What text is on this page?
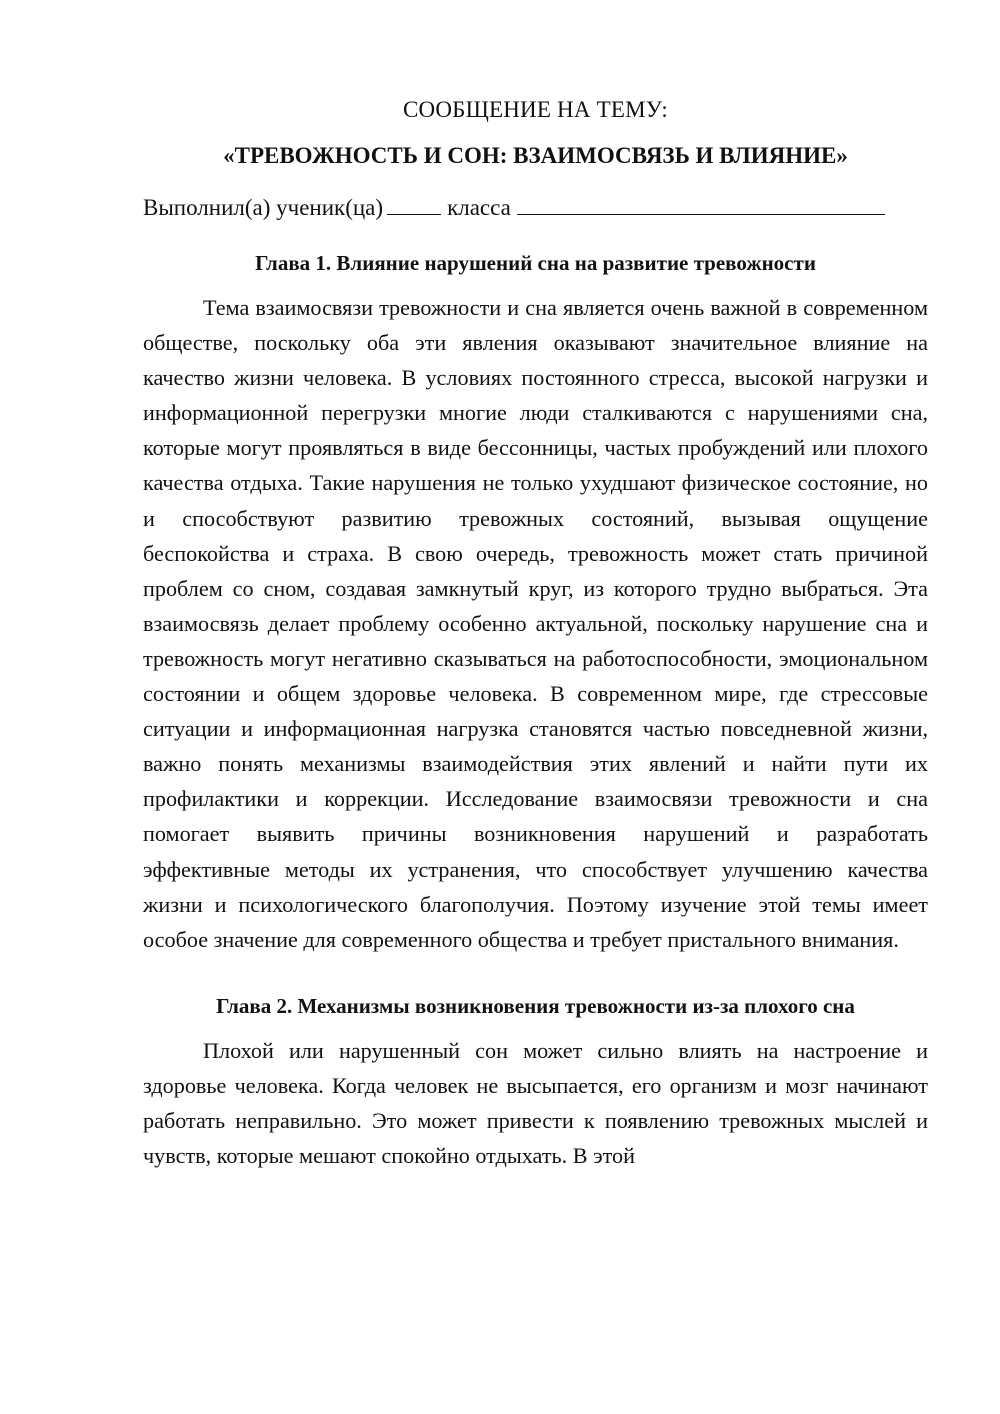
СООБЩЕНИЕ НА ТЕМУ:
«ТРЕВОЖНОСТЬ И СОН: ВЗАИМОСВЯЗЬ И ВЛИЯНИЕ»
Выполнил(а) ученик(ца)	класса
Глава 1. Влияние нарушений сна на развитие тревожности

Тема взаимосвязи тревожности и сна является очень важной в современном обществе, поскольку оба эти явления оказывают значительное влияние на качество жизни человека. В условиях постоянного стресса, высокой нагрузки и информационной перегрузки многие люди сталкиваются с нарушениями сна, которые могут проявляться в виде бессонницы, частых пробуждений или плохого качества отдыха. Такие нарушения не только ухудшают физическое состояние, но и способствуют развитию тревожных состояний, вызывая ощущение беспокойства и страха. В свою очередь, тревожность может стать причиной проблем со сном, создавая замкнутый круг, из которого трудно выбраться. Эта взаимосвязь делает проблему особенно актуальной, поскольку нарушение сна и тревожность могут негативно сказываться на работоспособности, эмоциональном состоянии и общем здоровье человека. В современном мире, где стрессовые ситуации и информационная нагрузка становятся частью повседневной жизни, важно понять механизмы взаимодействия этих явлений и найти пути их профилактики и коррекции. Исследование взаимосвязи тревожности и сна помогает выявить причины возникновения нарушений и разработать эффективные методы их устранения, что способствует улучшению качества жизни и психологического благополучия. Поэтому изучение этой темы имеет особое значение для современного общества и требует пристального внимания.

Глава 2. Механизмы возникновения тревожности из-за плохого сна

Плохой или нарушенный сон может сильно влиять на настроение и здоровье человека. Когда человек не высыпается, его организм и мозг начинают работать неправильно. Это может привести к появлению тревожных мыслей и чувств, которые мешают спокойно отдыхать. В этой
